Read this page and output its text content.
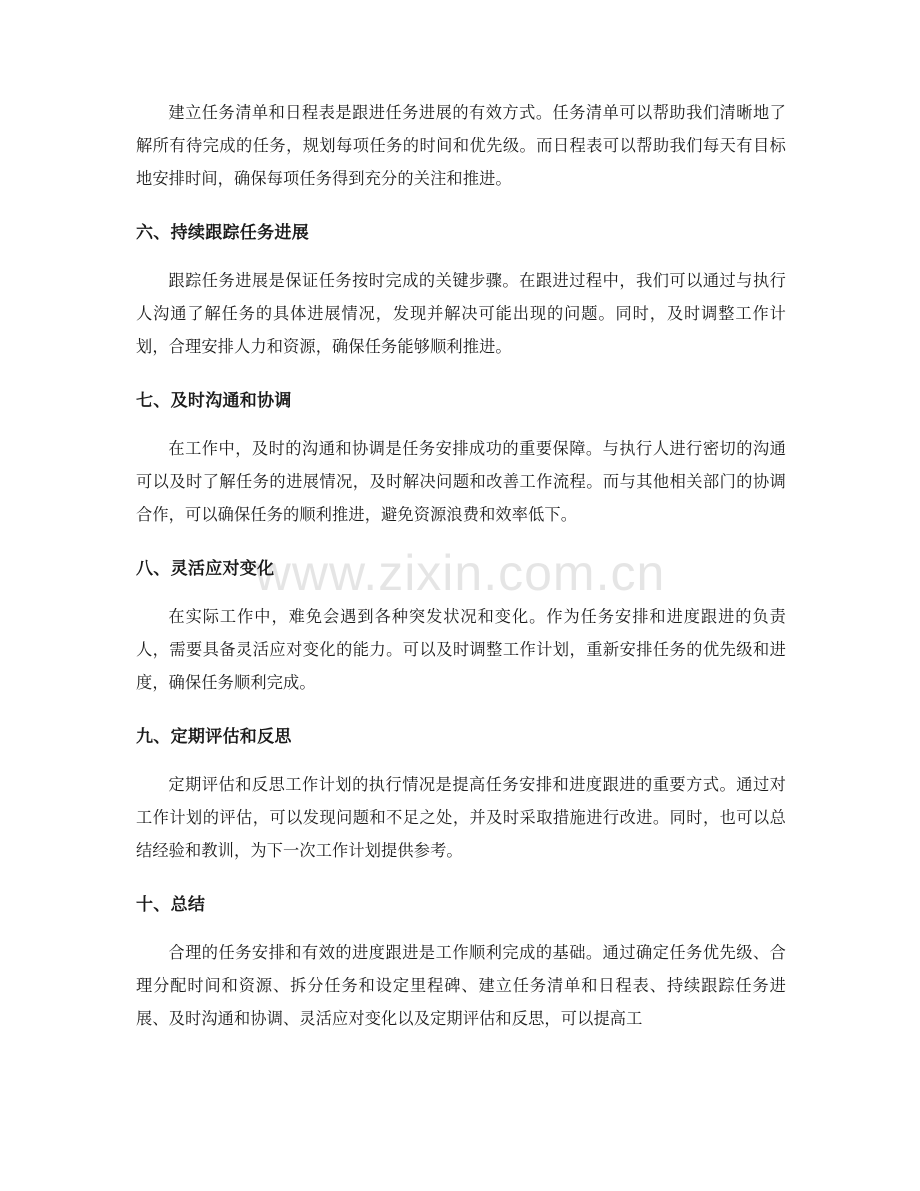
建立任务清单和日程表是跟进任务进展的有效方式。任务清单可以帮助我们清晰地了解所有待完成的任务，规划每项任务的时间和优先级。而日程表可以帮助我们每天有目标地安排时间，确保每项任务得到充分的关注和推进。

六、持续跟踪任务进展

跟踪任务进展是保证任务按时完成的关键步骤。在跟进过程中，我们可以通过与执行人沟通了解任务的具体进展情况，发现并解决可能出现的问题。同时，及时调整工作计划，合理安排人力和资源，确保任务能够顺利推进。

七、及时沟通和协调

在工作中，及时的沟通和协调是任务安排成功的重要保障。与执行人进行密切的沟通可以及时了解任务的进展情况，及时解决问题和改善工作流程。而与其他相关部门的协调合作，可以确保任务的顺利推进，避免资源浪费和效率低下。

八、灵活应对变化

在实际工作中，难免会遇到各种突发状况和变化。作为任务安排和进度跟进的负责人，需要具备灵活应对变化的能力。可以及时调整工作计划，重新安排任务的优先级和进度，确保任务顺利完成。

九、定期评估和反思

定期评估和反思工作计划的执行情况是提高任务安排和进度跟进的重要方式。通过对工作计划的评估，可以发现问题和不足之处，并及时采取措施进行改进。同时，也可以总结经验和教训，为下一次工作计划提供参考。

十、总结

合理的任务安排和有效的进度跟进是工作顺利完成的基础。通过确定任务优先级、合理分配时间和资源、拆分任务和设定里程碑、建立任务清单和日程表、持续跟踪任务进展、及时沟通和协调、灵活应对变化以及定期评估和反思，可以提高工

www.zixin.com.cn
